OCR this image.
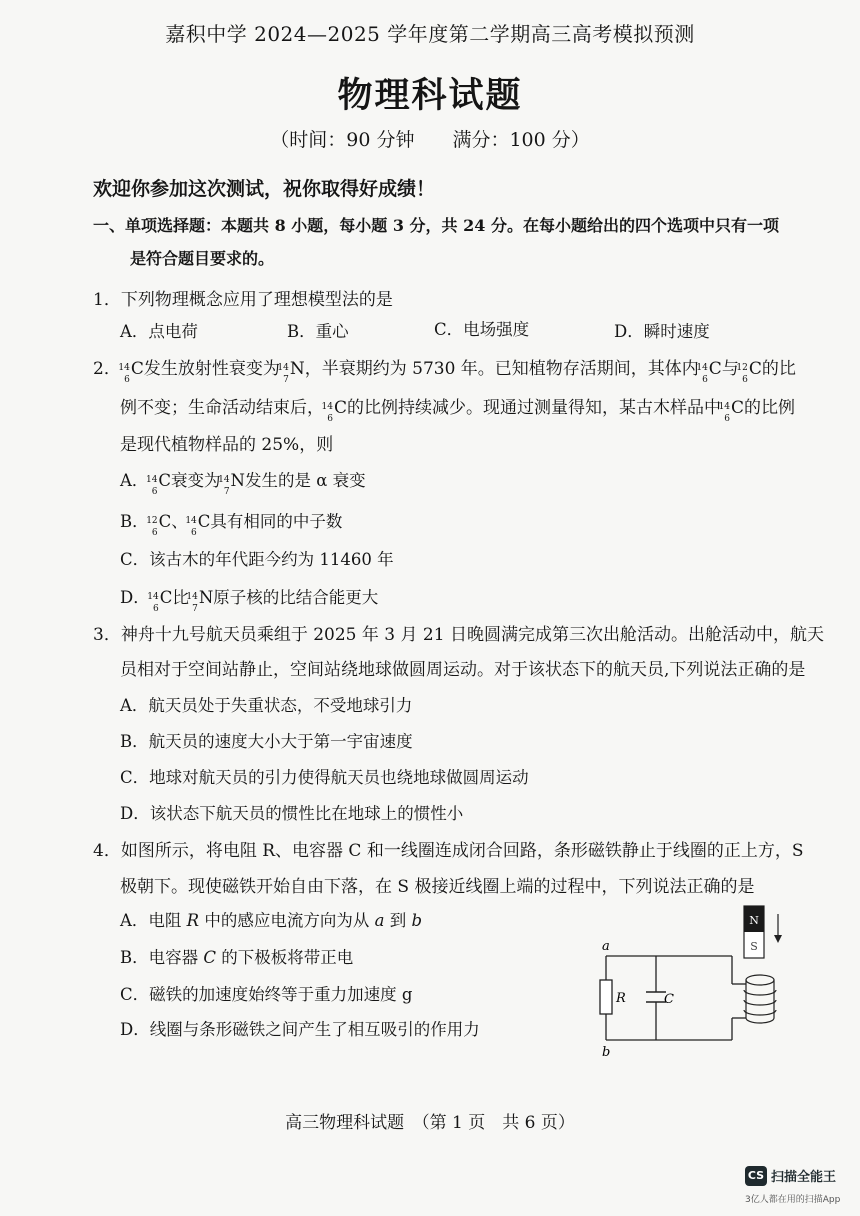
嘉积中学 2024—2025 学年度第二学期高三高考模拟预测
物理科试题
（时间：90 分钟　　满分：100 分）
欢迎你参加这次测试，祝你取得好成绩！
一、单项选择题：本题共 8 小题，每小题 3 分，共 24 分。在每小题给出的四个选项中只有一项
是符合题目要求的。
1．下列物理概念应用了理想模型法的是
A．点电荷	B．重心	C．电场强度	D．瞬时速度
2．
14
6
C发生放射性衰变为
14
7
N，半衰期约为 5730 年。已知植物存活期间，其体内
14
6
C与
12
6
C的比
例不变；生命活动结束后，
14
6
C的比例持续减少。现通过测量得知，某古木样品中
14
6
C的比例
是现代植物样品的 25%，则
A．
14
6
C衰变为
14
7
N发生的是 α 衰变
B．
12
6
C、
14
6
C具有相同的中子数
C．该古木的年代距今约为 11460 年
D．
14
6
C比
14
7
N原子核的比结合能更大
3．神舟十九号航天员乘组于 2025 年 3 月 21 日晚圆满完成第三次出舱活动。出舱活动中，航天
员相对于空间站静止，空间站绕地球做圆周运动。对于该状态下的航天员,下列说法正确的是
A．航天员处于失重状态，不受地球引力
B．航天员的速度大小大于第一宇宙速度
C．地球对航天员的引力使得航天员也绕地球做圆周运动
D．该状态下航天员的惯性比在地球上的惯性小
4．如图所示，将电阻 R、电容器 C 和一线圈连成闭合回路，条形磁铁静止于线圈的正上方，S
极朝下。现使磁铁开始自由下落，在 S 极接近线圈上端的过程中，下列说法正确的是
A．电阻 R 中的感应电流方向为从 a 到 b
B．电容器 C 的下极板将带正电
C．磁铁的加速度始终等于重力加速度 g
D．线圈与条形磁铁之间产生了相互吸引的作用力
N
S
a
b
R	C
高三物理科试题　（第 1 页　共 6 页）
CS 扫描全能王
3亿人都在用的扫描App
